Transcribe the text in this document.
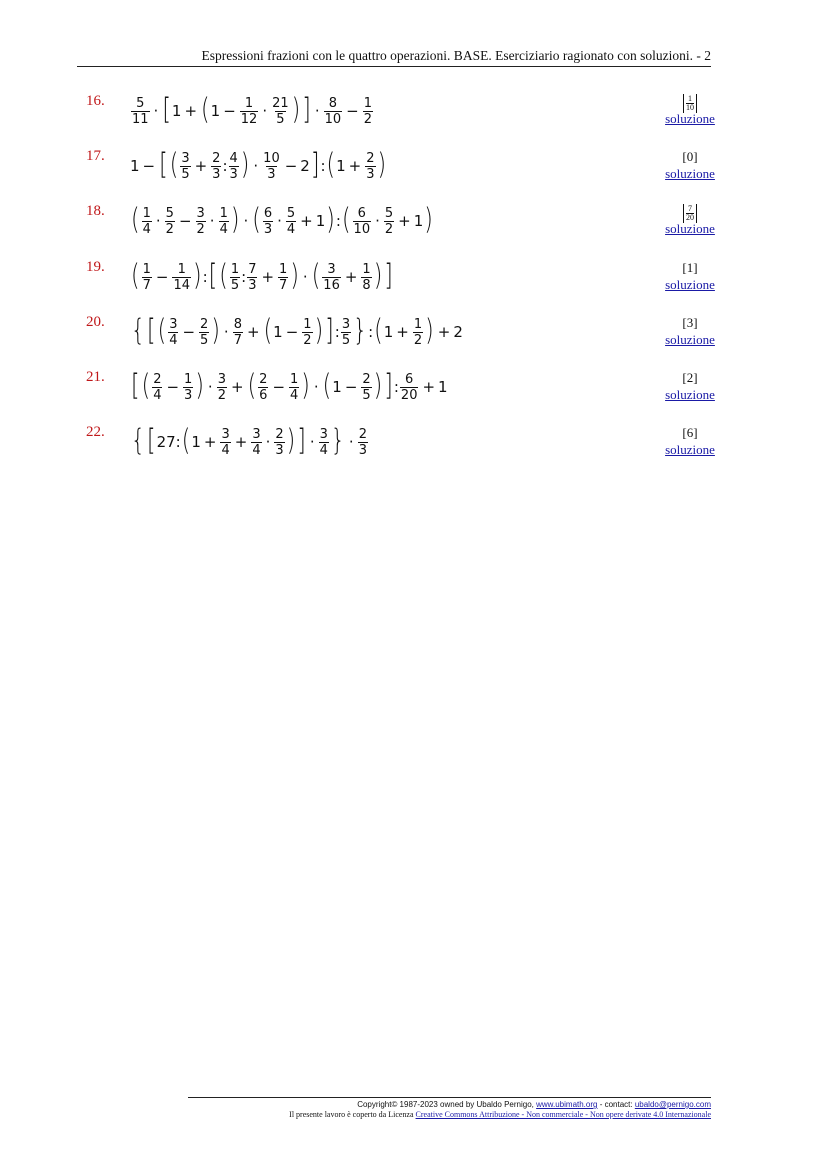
Espressioni frazioni con le quattro operazioni. BASE. Eserciziario ragionato con soluzioni. - 2
16. 5
11 · [ 1 + ( $1 - \frac{1}{12} \cdot 21$
5 ) ] · 8
$10 - \frac{1}{2}$	$\frac{1}{10}$
soluzione
17.
1 − [ ( 3
$5 + \frac{2}{3}$ : 4
3 ) · 10
3 − 2 ] : ( $1 + \frac{2}{3}$ )	[0]
soluzione
18. ( 1
4 · 5
$2 - \frac{3}{2} \cdot 1$
4 ) · ( 6
3 · 5
4 + 1 ) : ( 6
10 · 5
2 + 1 )	$\frac{7}{20}$
soluzione
19. ( 1
$7 - \frac{1}{14}$ ) : [ ( 1
5 : 7
$3 + \frac{1}{7}$ ) · ( 3
$16 + \frac{1}{8}$ ) ]	[1]
soluzione
20. { [ ( 3
$4 - \frac{2}{5}$ ) · 8
7 + ( $1 - \frac{1}{2}$ ) ] : 3
5 } : ( $1 + \frac{1}{2}$ ) + 2
[3]
soluzione
21. [ ( 2
$4 - \frac{1}{3}$ ) · 3
2 + ( 2
$6 - \frac{1}{4}$ ) · ( $1 - \frac{2}{5}$ ) ] : 6
20 + 1
[2]
soluzione
22. { [ 27: ( $1 + \frac{3}{4} + \frac{3}{4} \cdot 2$
3 ) ] · 3
4 } · 2
3
[6]
soluzione
Copyright© 1987-2023 owned by Ubaldo Pernigo, www.ubimath.org - contact: ubaldo@pernigo.com
Il presente lavoro è coperto da Licenza Creative Commons Attribuzione - Non commerciale - Non opere derivate 4.0 Internazionale
